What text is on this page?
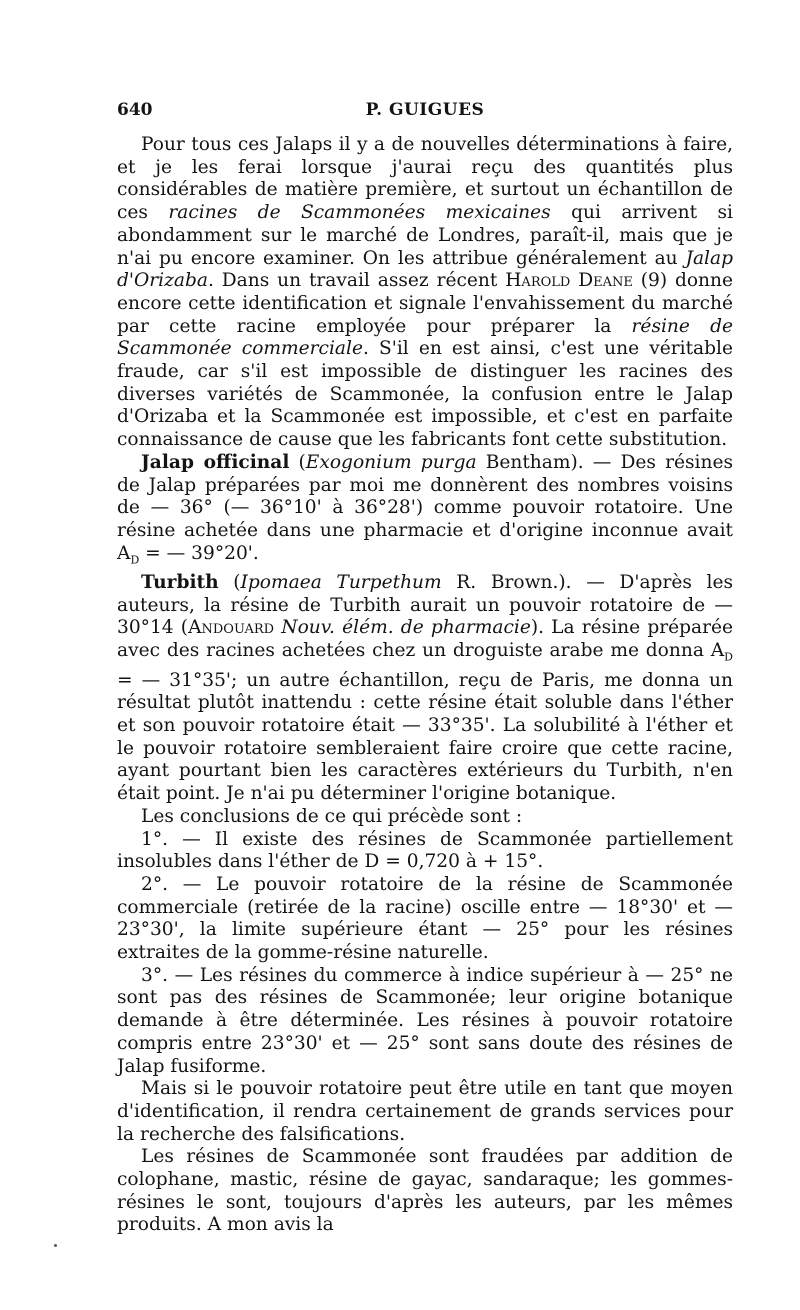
640	P. GUIGUES

Pour tous ces Jalaps il y a de nouvelles déterminations à faire, et je les ferai lorsque j'aurai reçu des quantités plus considérables de matière première, et surtout un échantillon de ces racines de Scammonées mexicaines qui arrivent si abondamment sur le marché de Londres, paraît-il, mais que je n'ai pu encore examiner. On les attribue généralement au Jalap d'Orizaba. Dans un travail assez récent Harold Deane (9) donne encore cette identification et signale l'envahissement du marché par cette racine employée pour préparer la résine de Scammonée commerciale. S'il en est ainsi, c'est une véritable fraude, car s'il est impossible de distinguer les racines des diverses variétés de Scammonée, la confusion entre le Jalap d'Orizaba et la Scammonée est impossible, et c'est en parfaite connaissance de cause que les fabricants font cette substitution.

Jalap officinal (Exogonium purga Bentham). — Des résines de Jalap préparées par moi me donnèrent des nombres voisins de — 36° (— 36°10' à 36°28') comme pouvoir rotatoire. Une résine achetée dans une pharmacie et d'origine inconnue avait $A_D$ = — 39°20'.

Turbith (Ipomaea Turpethum R. Brown.). — D'après les auteurs, la résine de Turbith aurait un pouvoir rotatoire de — 30°14 (Andouard Nouv. élém. de pharmacie). La résine préparée avec des racines achetées chez un droguiste arabe me donna $A_D$ = — 31°35'; un autre échantillon, reçu de Paris, me donna un résultat plutôt inattendu : cette résine était soluble dans l'éther et son pouvoir rotatoire était — 33°35'. La solubilité à l'éther et le pouvoir rotatoire sembleraient faire croire que cette racine, ayant pourtant bien les caractères extérieurs du Turbith, n'en était point. Je n'ai pu déterminer l'origine botanique.

Les conclusions de ce qui précède sont :

1°. — Il existe des résines de Scammonée partiellement insolubles dans l'éther de D = 0,720 à + 15°.

2°. — Le pouvoir rotatoire de la résine de Scammonée commerciale (retirée de la racine) oscille entre — 18°30' et — 23°30', la limite supérieure étant — 25° pour les résines extraites de la gomme-résine naturelle.

3°. — Les résines du commerce à indice supérieur à — 25° ne sont pas des résines de Scammonée; leur origine botanique demande à être déterminée. Les résines à pouvoir rotatoire compris entre 23°30' et — 25° sont sans doute des résines de Jalap fusiforme.

Mais si le pouvoir rotatoire peut être utile en tant que moyen d'identification, il rendra certainement de grands services pour la recherche des falsifications.

Les résines de Scammonée sont fraudées par addition de colophane, mastic, résine de gayac, sandaraque; les gommes-résines le sont, toujours d'après les auteurs, par les mêmes produits. A mon avis la
